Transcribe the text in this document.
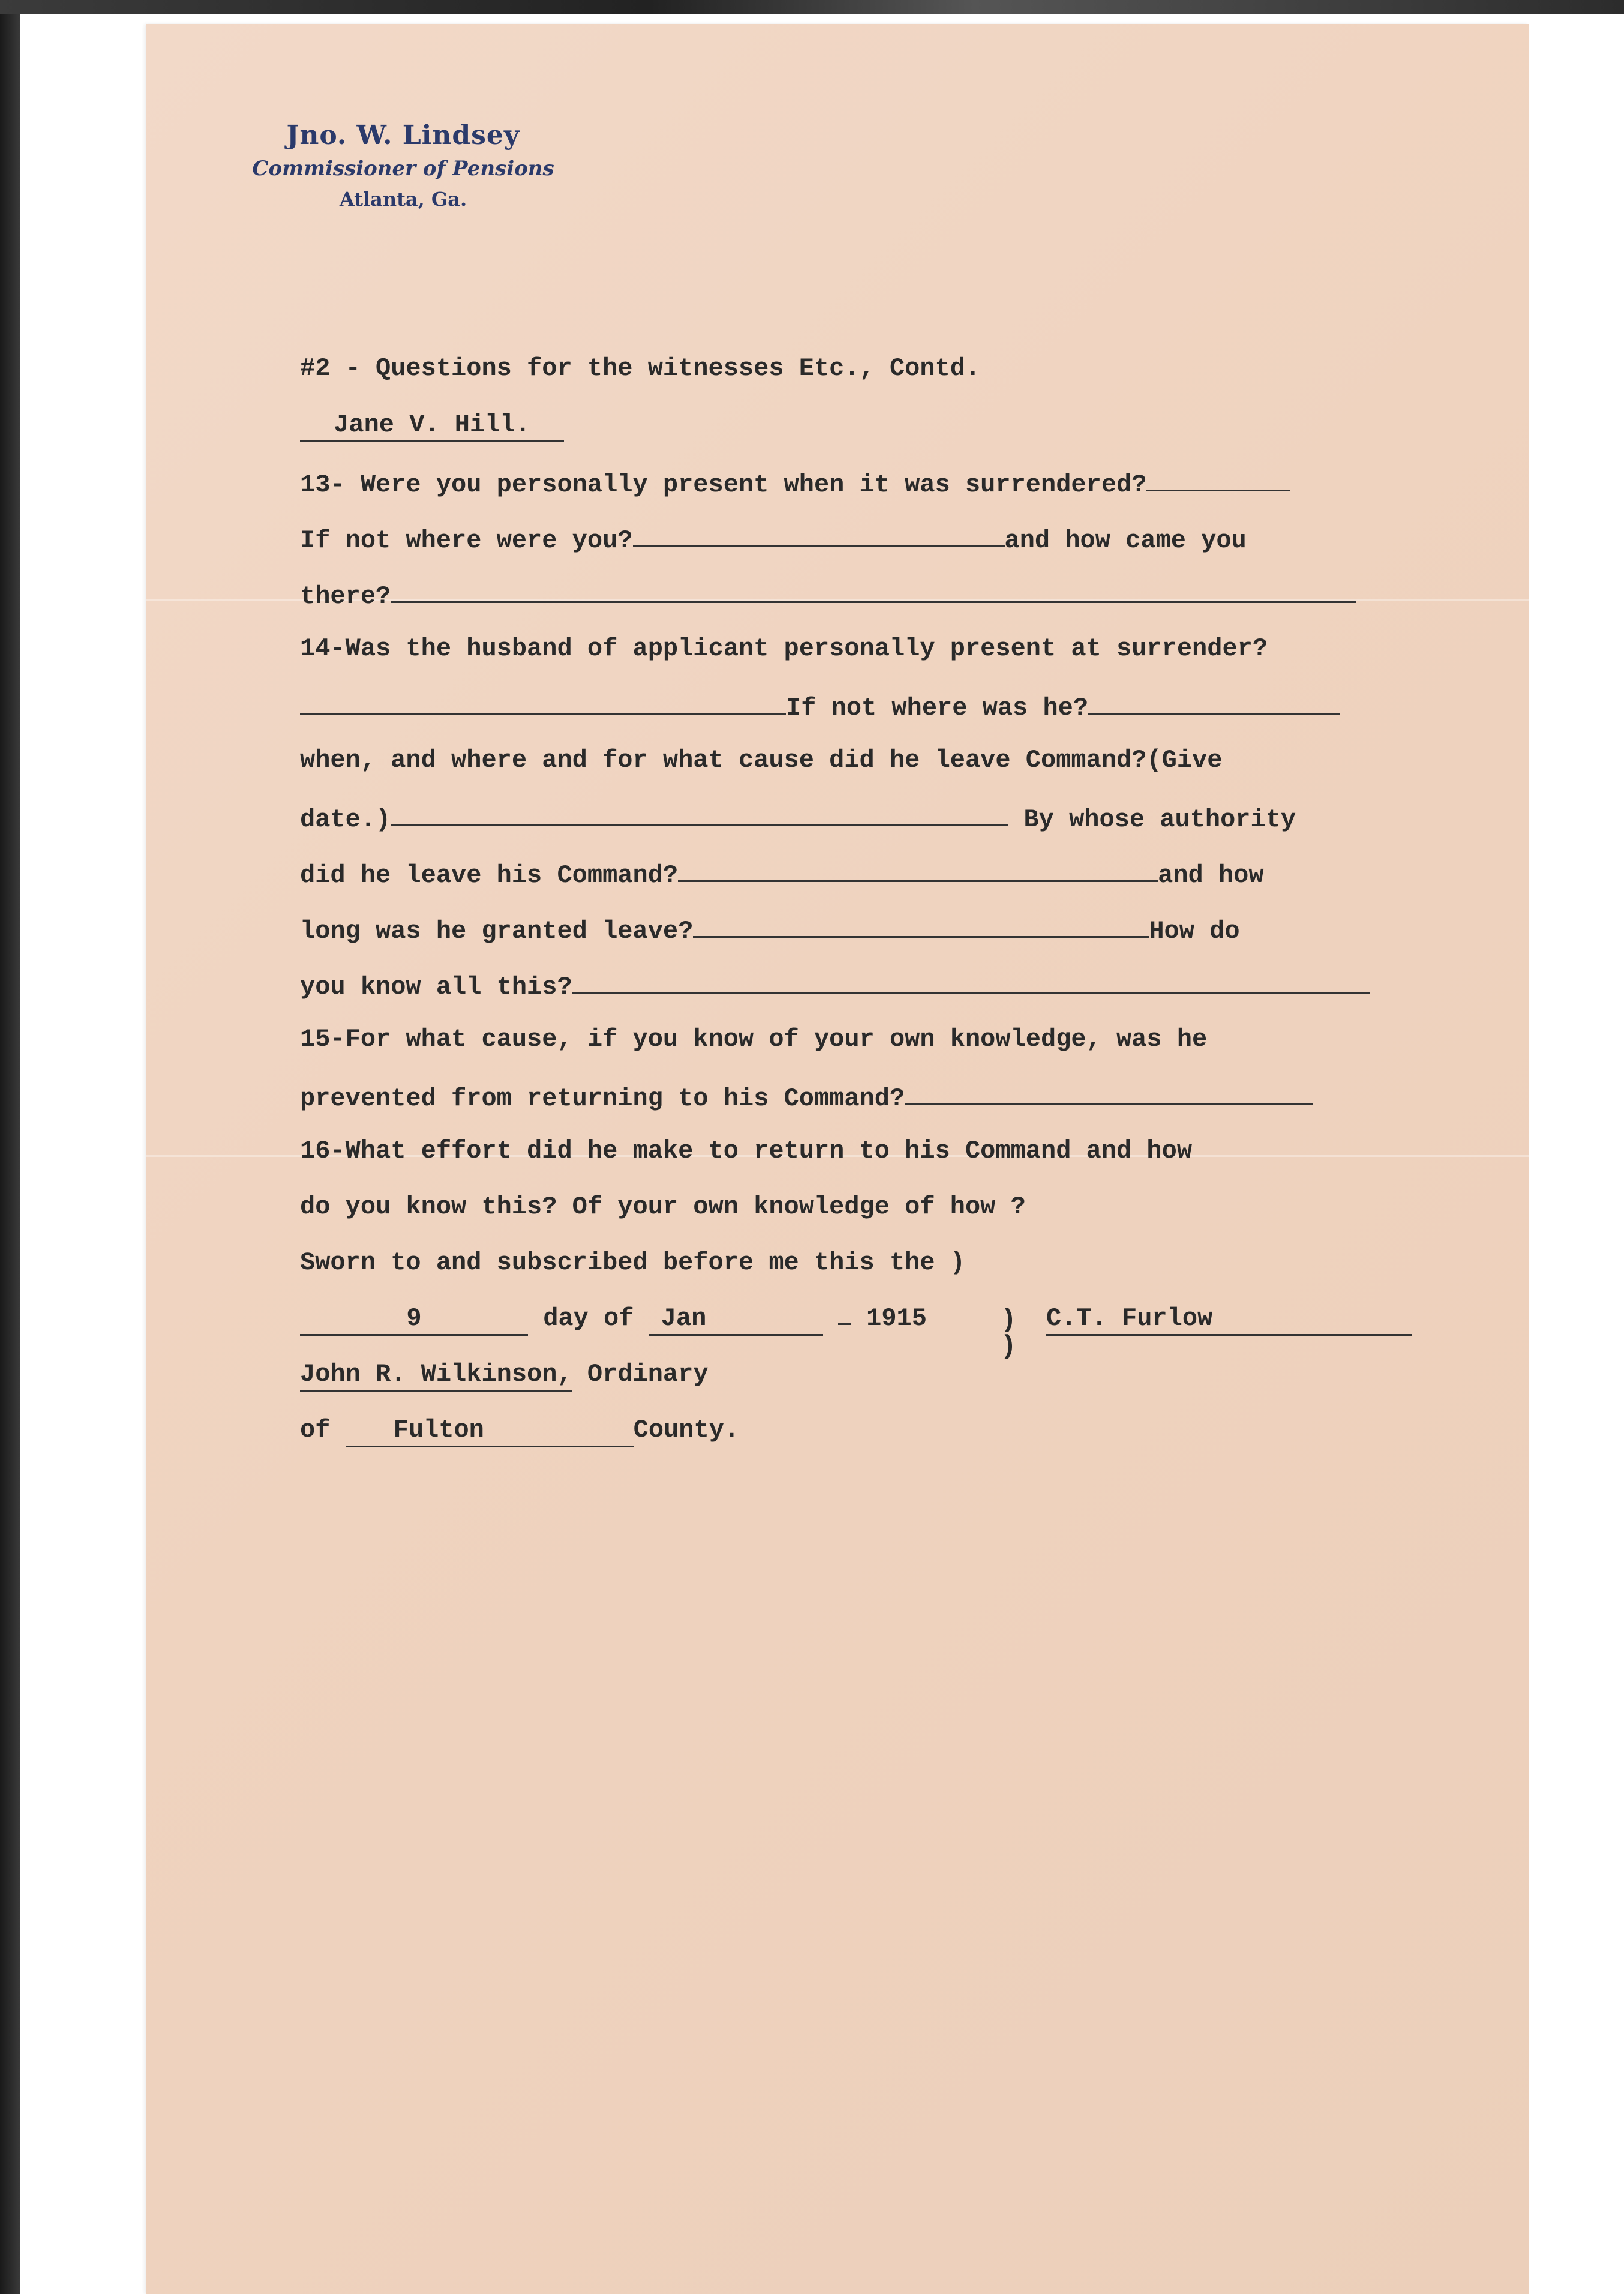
Jno. W. Lindsey
Commissioner of Pensions
Atlanta, Ga.
#2 - Questions for the witnesses Etc., Contd.
Jane V. Hill.
13- Were you personally present when it was surrendered?
If not where were you?	and how came you
there?
14-Was the husband of applicant personally present at surrender?
If not where was he?
when, and where and for what cause did he leave Command?(Give
date.)	By whose authority
did he leave his Command?	and how
long was he granted leave?	How do
you know all this?
15-For what cause, if you know of your own knowledge, was he
prevented from returning to his Command?
16-What effort did he make to return to his Command and how
do you know this? Of your own knowledge of how ?
Sworn to and subscribed before me this the )
9	day of Jan	1915	)
)
C.T. Furlow
John R. Wilkinson, Ordinary
of	Fulton	County.
